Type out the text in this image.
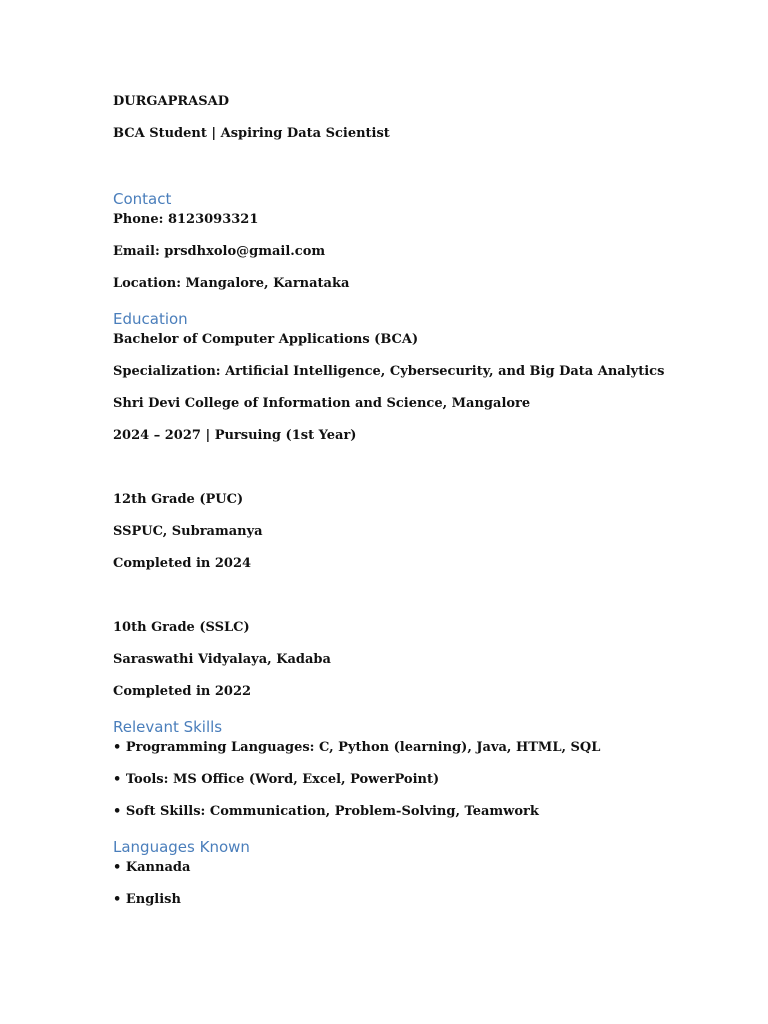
DURGAPRASAD
BCA Student | Aspiring Data Scientist
Contact
Phone: 8123093321
Email: prsdhxolo@gmail.com
Location: Mangalore, Karnataka
Education
Bachelor of Computer Applications (BCA)
Specialization: Artificial Intelligence, Cybersecurity, and Big Data Analytics
Shri Devi College of Information and Science, Mangalore
2024 – 2027 | Pursuing (1st Year)
12th Grade (PUC)
SSPUC, Subramanya
Completed in 2024
10th Grade (SSLC)
Saraswathi Vidyalaya, Kadaba
Completed in 2022
Relevant Skills
• Programming Languages: C, Python (learning), Java, HTML, SQL
• Tools: MS Office (Word, Excel, PowerPoint)
• Soft Skills: Communication, Problem-Solving, Teamwork
Languages Known
• Kannada
• English
